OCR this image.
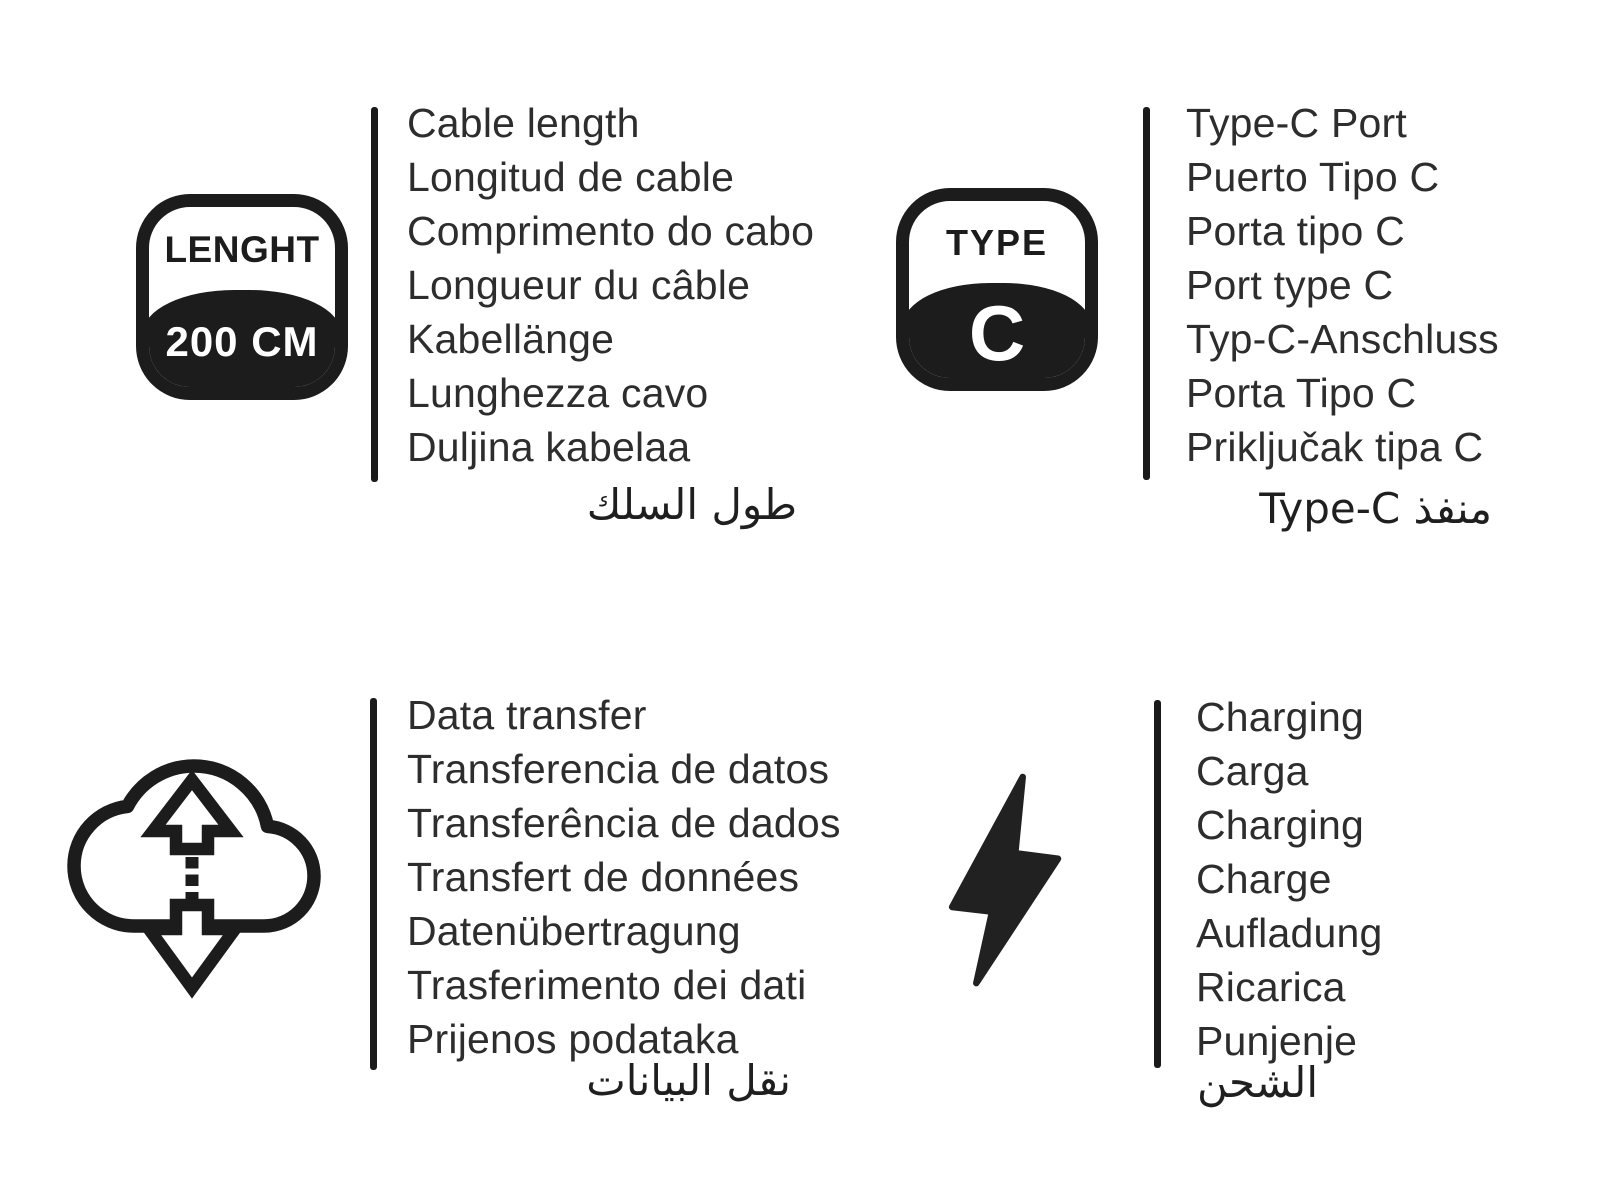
LENGHT
200 CM
Cable length
Longitud de cable
Comprimento do cabo
Longueur du câble
Kabellänge
Lunghezza cavo
Duljina kabelaa
طول السلك
TYPE
C
Type-C Port
Puerto Tipo C
Porta tipo C
Port type C
Typ-C-Anschluss
Porta Tipo C
Priključak tipa C
منفذ Type-C
Data transfer
Transferencia de datos
Transferência de dados
Transfert de données
Datenübertragung
Trasferimento dei dati
Prijenos podataka
نقل البيانات
Charging
Carga
Charging
Charge
Aufladung
Ricarica
Punjenje
الشحن
